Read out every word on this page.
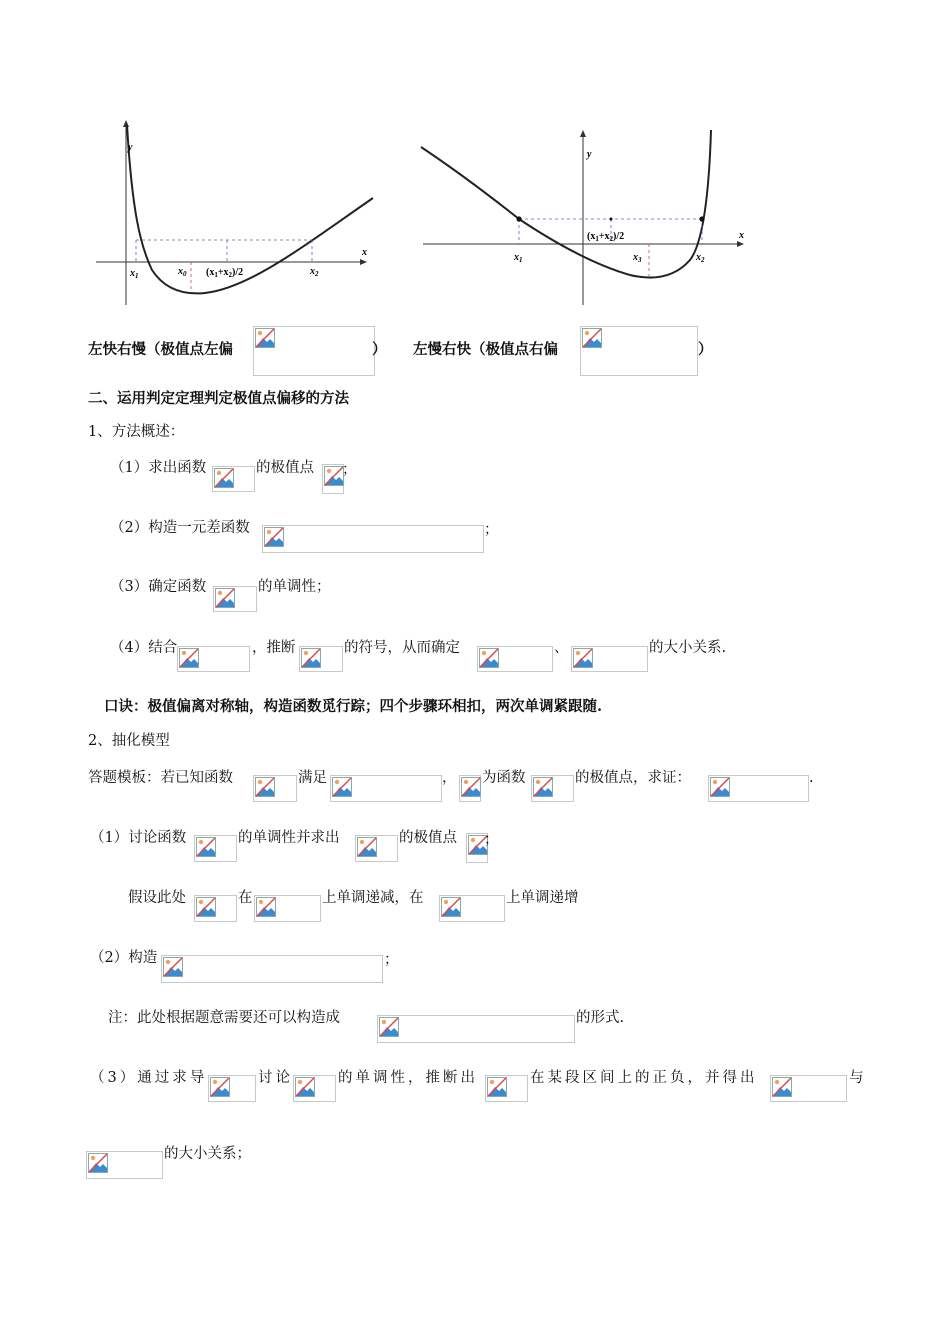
y
x
$x_1$	$x_0$ $(x_1+x_2)/2$	$x_2$
y
x
$x_1$
$(x_1+x_2)/2$
$x_3$	$x_2$
左快右慢（极值点左偏	） 左慢右快（极值点右偏	）
二、运用判定定理判定极值点偏移的方法
1、方法概述：
（1）求出函数	的极值点 ；
（2）构造一元差函数	；
（3）确定函数	的单调性；
（4）结合	，推断	的符号，从而确定	、	的大小关系.
口诀：极值偏离对称轴，构造函数觅行踪；四个步骤环相扣，两次单调紧跟随.
2、抽化模型
答题模板：若已知函数	满足	， 为函数	的极值点，求证：	.
（1）讨论函数	的单调性并求出	的极值点 ；
假设此处	在	上单调递减，在	上单调递增
（2）构造	；
注：此处根据题意需要还可以构造成	的形式.
（3）通过求导	讨论	的单调性，推断出	在某段区间上的正负，并得出	与
的大小关系；
